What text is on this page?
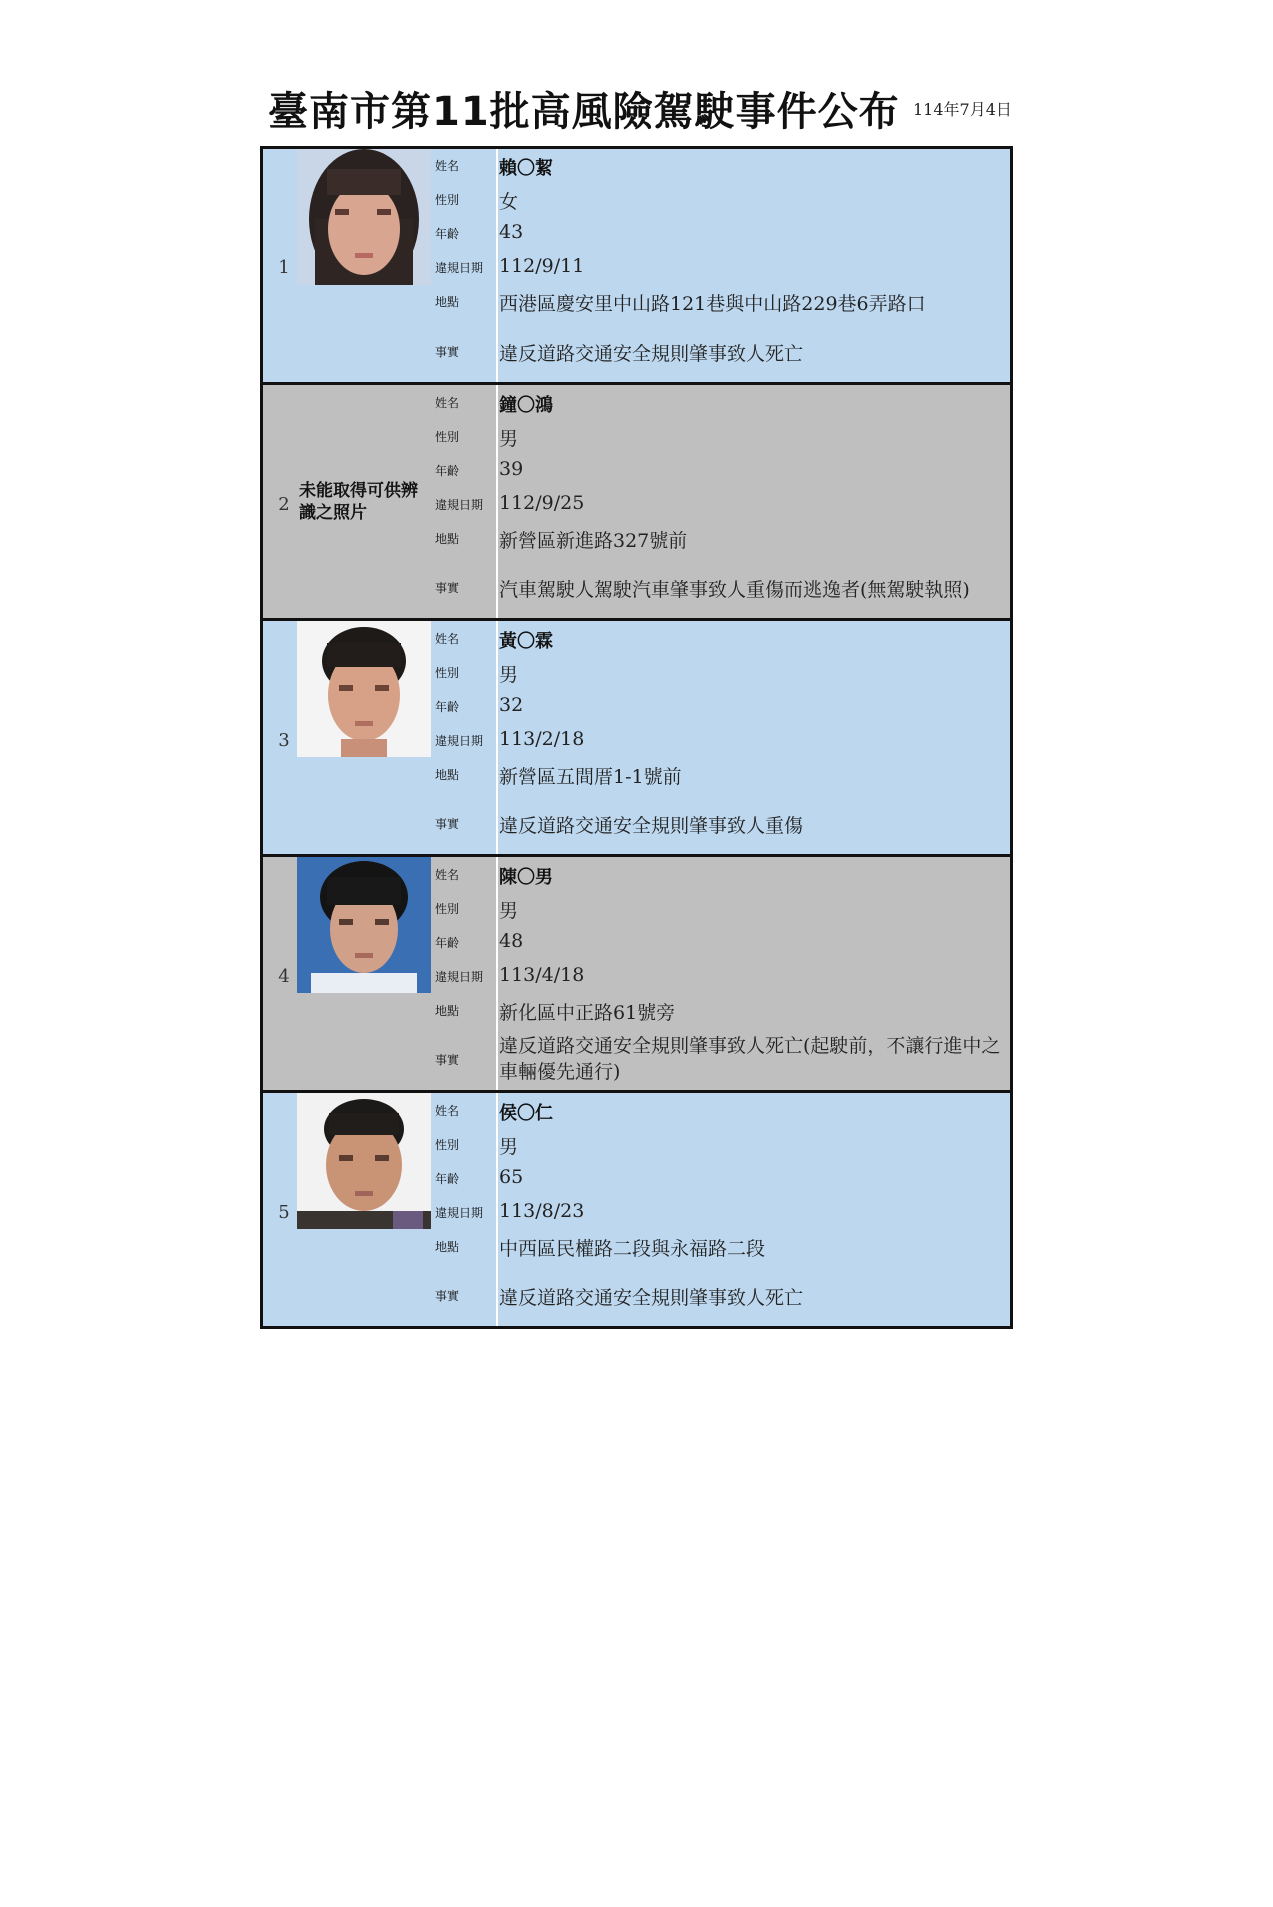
臺南市第11批高風險駕駛事件公布 114年7月4日
1
姓名
性別
年齡
違規日期
地點
事實
賴〇絜
女
43
112/9/11
西港區慶安里中山路121巷與中山路229巷6弄路口
違反道路交通安全規則肇事致人死亡
2
未能取得可供辨識之照片
姓名
性別
年齡
違規日期
地點
事實
鐘〇鴻
男
39
112/9/25
新營區新進路327號前
汽車駕駛人駕駛汽車肇事致人重傷而逃逸者(無駕駛執照)
3
姓名
性別
年齡
違規日期
地點
事實
黃〇霖
男
32
113/2/18
新營區五間厝1-1號前
違反道路交通安全規則肇事致人重傷
4
姓名
性別
年齡
違規日期
地點
事實
陳〇男
男
48
113/4/18
新化區中正路61號旁
違反道路交通安全規則肇事致人死亡(起駛前，不讓行進中之車輛優先通行)
5
姓名
性別
年齡
違規日期
地點
事實
侯〇仁
男
65
113/8/23
中西區民權路二段與永福路二段
違反道路交通安全規則肇事致人死亡
